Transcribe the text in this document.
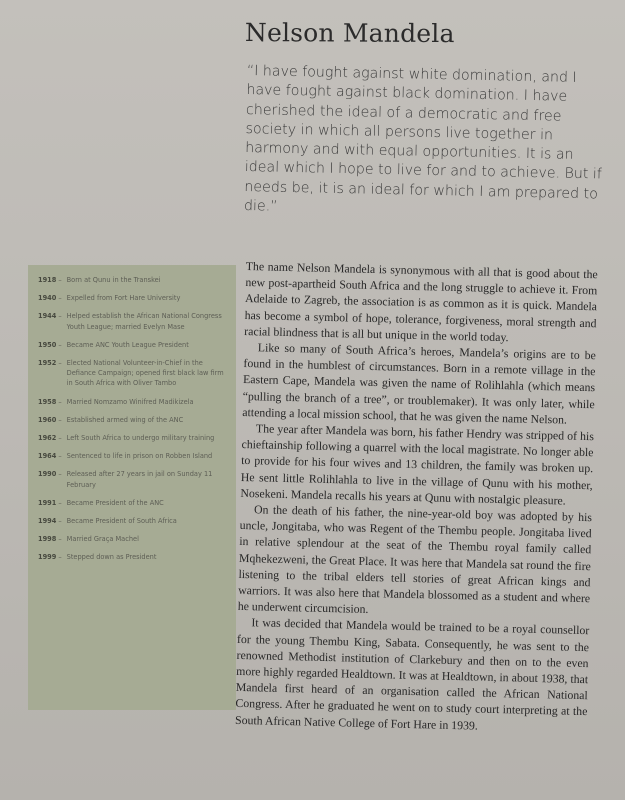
Nelson Mandela
“I have fought against white domination, and I have fought against black domination. I have cherished the ideal of a democratic and free society in which all persons live together in harmony and with equal opportunities. It is an ideal which I hope to live for and to achieve. But if needs be, it is an ideal for which I am prepared to die.”
1918 – Born at Qunu in the Transkei
1940 – Expelled from Fort Hare University
1944 – Helped establish the African National Congress Youth League; married Evelyn Mase
1950 – Became ANC Youth League President
1952 – Elected National Volunteer-in-Chief in the Defiance Campaign; opened first black law firm in South Africa with Oliver Tambo
1958 – Married Nomzamo Winifred Madikizela
1960 – Established armed wing of the ANC
1962 – Left South Africa to undergo military training
1964 – Sentenced to life in prison on Robben Island
1990 – Released after 27 years in jail on Sunday 11 February
1991 – Became President of the ANC
1994 – Became President of South Africa
1998 – Married Graça Machel
1999 – Stepped down as President

The name Nelson Mandela is synonymous with all that is good about the new post-apartheid South Africa and the long struggle to achieve it. From Adelaide to Zagreb, the association is as common as it is quick. Mandela has become a symbol of hope, tolerance, forgiveness, moral strength and racial blindness that is all but unique in the world today.

Like so many of South Africa’s heroes, Mandela’s origins are to be found in the humblest of circumstances. Born in a remote village in the Eastern Cape, Mandela was given the name of Rolihlahla (which means “pulling the branch of a tree”, or troublemaker). It was only later, while attending a local mission school, that he was given the name Nelson.

The year after Mandela was born, his father Hendry was stripped of his chieftainship following a quarrel with the local magistrate. No longer able to provide for his four wives and 13 children, the family was broken up. He sent little Rolihlahla to live in the village of Qunu with his mother, Nosekeni. Mandela recalls his years at Qunu with nostalgic pleasure.

On the death of his father, the nine-year-old boy was adopted by his uncle, Jongitaba, who was Regent of the Thembu people. Jongitaba lived in relative splendour at the seat of the Thembu royal family called Mqhekezweni, the Great Place. It was here that Mandela sat round the fire listening to the tribal elders tell stories of great African kings and warriors. It was also here that Mandela blossomed as a student and where he underwent circumcision.

It was decided that Mandela would be trained to be a royal counsellor for the young Thembu King, Sabata. Consequently, he was sent to the renowned Methodist institution of Clarkebury and then on to the even more highly regarded Healdtown. It was at Healdtown, in about 1938, that Mandela first heard of an organisation called the African National Congress. After he graduated he went on to study court interpreting at the South African Native College of Fort Hare in 1939.
